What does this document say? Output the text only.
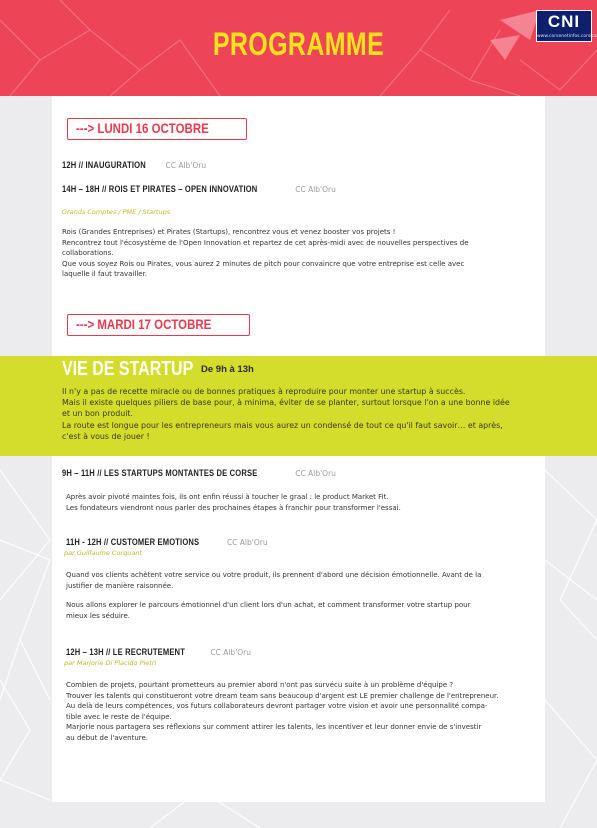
PROGRAMME
CNI
www.corsenetinfos.corsica
---> LUNDI 16 OCTOBRE
12H // INAUGURATION	CC Alb'Oru
14H – 18H // ROIS ET PIRATES – OPEN INNOVATION	CC Alb'Oru
Grands Comptes / PME / Startups

Rois (Grandes Entreprises) et Pirates (Startups), rencontrez vous et venez booster vos projets !

Rencontrez tout l'écosystème de l'Open Innovation et repartez de cet après-midi avec de nouvelles perspectives de

collaborations.

Que vous soyez Rois ou Pirates, vous aurez 2 minutes de pitch pour convaincre que votre entreprise est celle avec

laquelle il faut travailler.

---> MARDI 17 OCTOBRE
VIE DE STARTUP De 9h à 13h

Il n'y a pas de recette miracle ou de bonnes pratiques à reproduire pour monter une startup à succès.

Mais il existe quelques piliers de base pour, à minima, éviter de se planter, surtout lorsque l'on a une bonne idée

et un bon produit.

La route est longue pour les entrepreneurs mais vous aurez un condensé de tout ce qu'il faut savoir… et après,

c'est à vous de jouer !

9H – 11H // LES STARTUPS MONTANTES DE CORSE	CC Alb'Oru

Après avoir pivoté maintes fois, ils ont enfin réussi à toucher le graal : le product Market Fit.

Les fondateurs viendront nous parler des prochaines étapes à franchir pour transformer l'essai.

11H - 12H // CUSTOMER EMOTIONS	CC Alb'Oru
par Guillaume Corquant

Quand vos clients achètent votre service ou votre produit, ils prennent d'abord une décision émotionnelle. Avant de la

justifier de manière raisonnée.

Nous allons explorer le parcours émotionnel d'un client lors d'un achat, et comment transformer votre startup pour

mieux les séduire.

12H – 13H // LE RECRUTEMENT	CC Alb'Oru
par Marjorie Di Placido Pietri

Combien de projets, pourtant prometteurs au premier abord n'ont pas survécu suite à un problème d'équipe ?

Trouver les talents qui constitueront votre dream team sans beaucoup d'argent est LE premier challenge de l'entrepreneur.

Au delà de leurs compétences, vos futurs collaborateurs devront partager votre vision et avoir une personnalité compa-

tible avec le reste de l'équipe.

Marjorie nous partagera ses réflexions sur comment attirer les talents, les incentiver et leur donner envie de s'investir

au début de l'aventure.
